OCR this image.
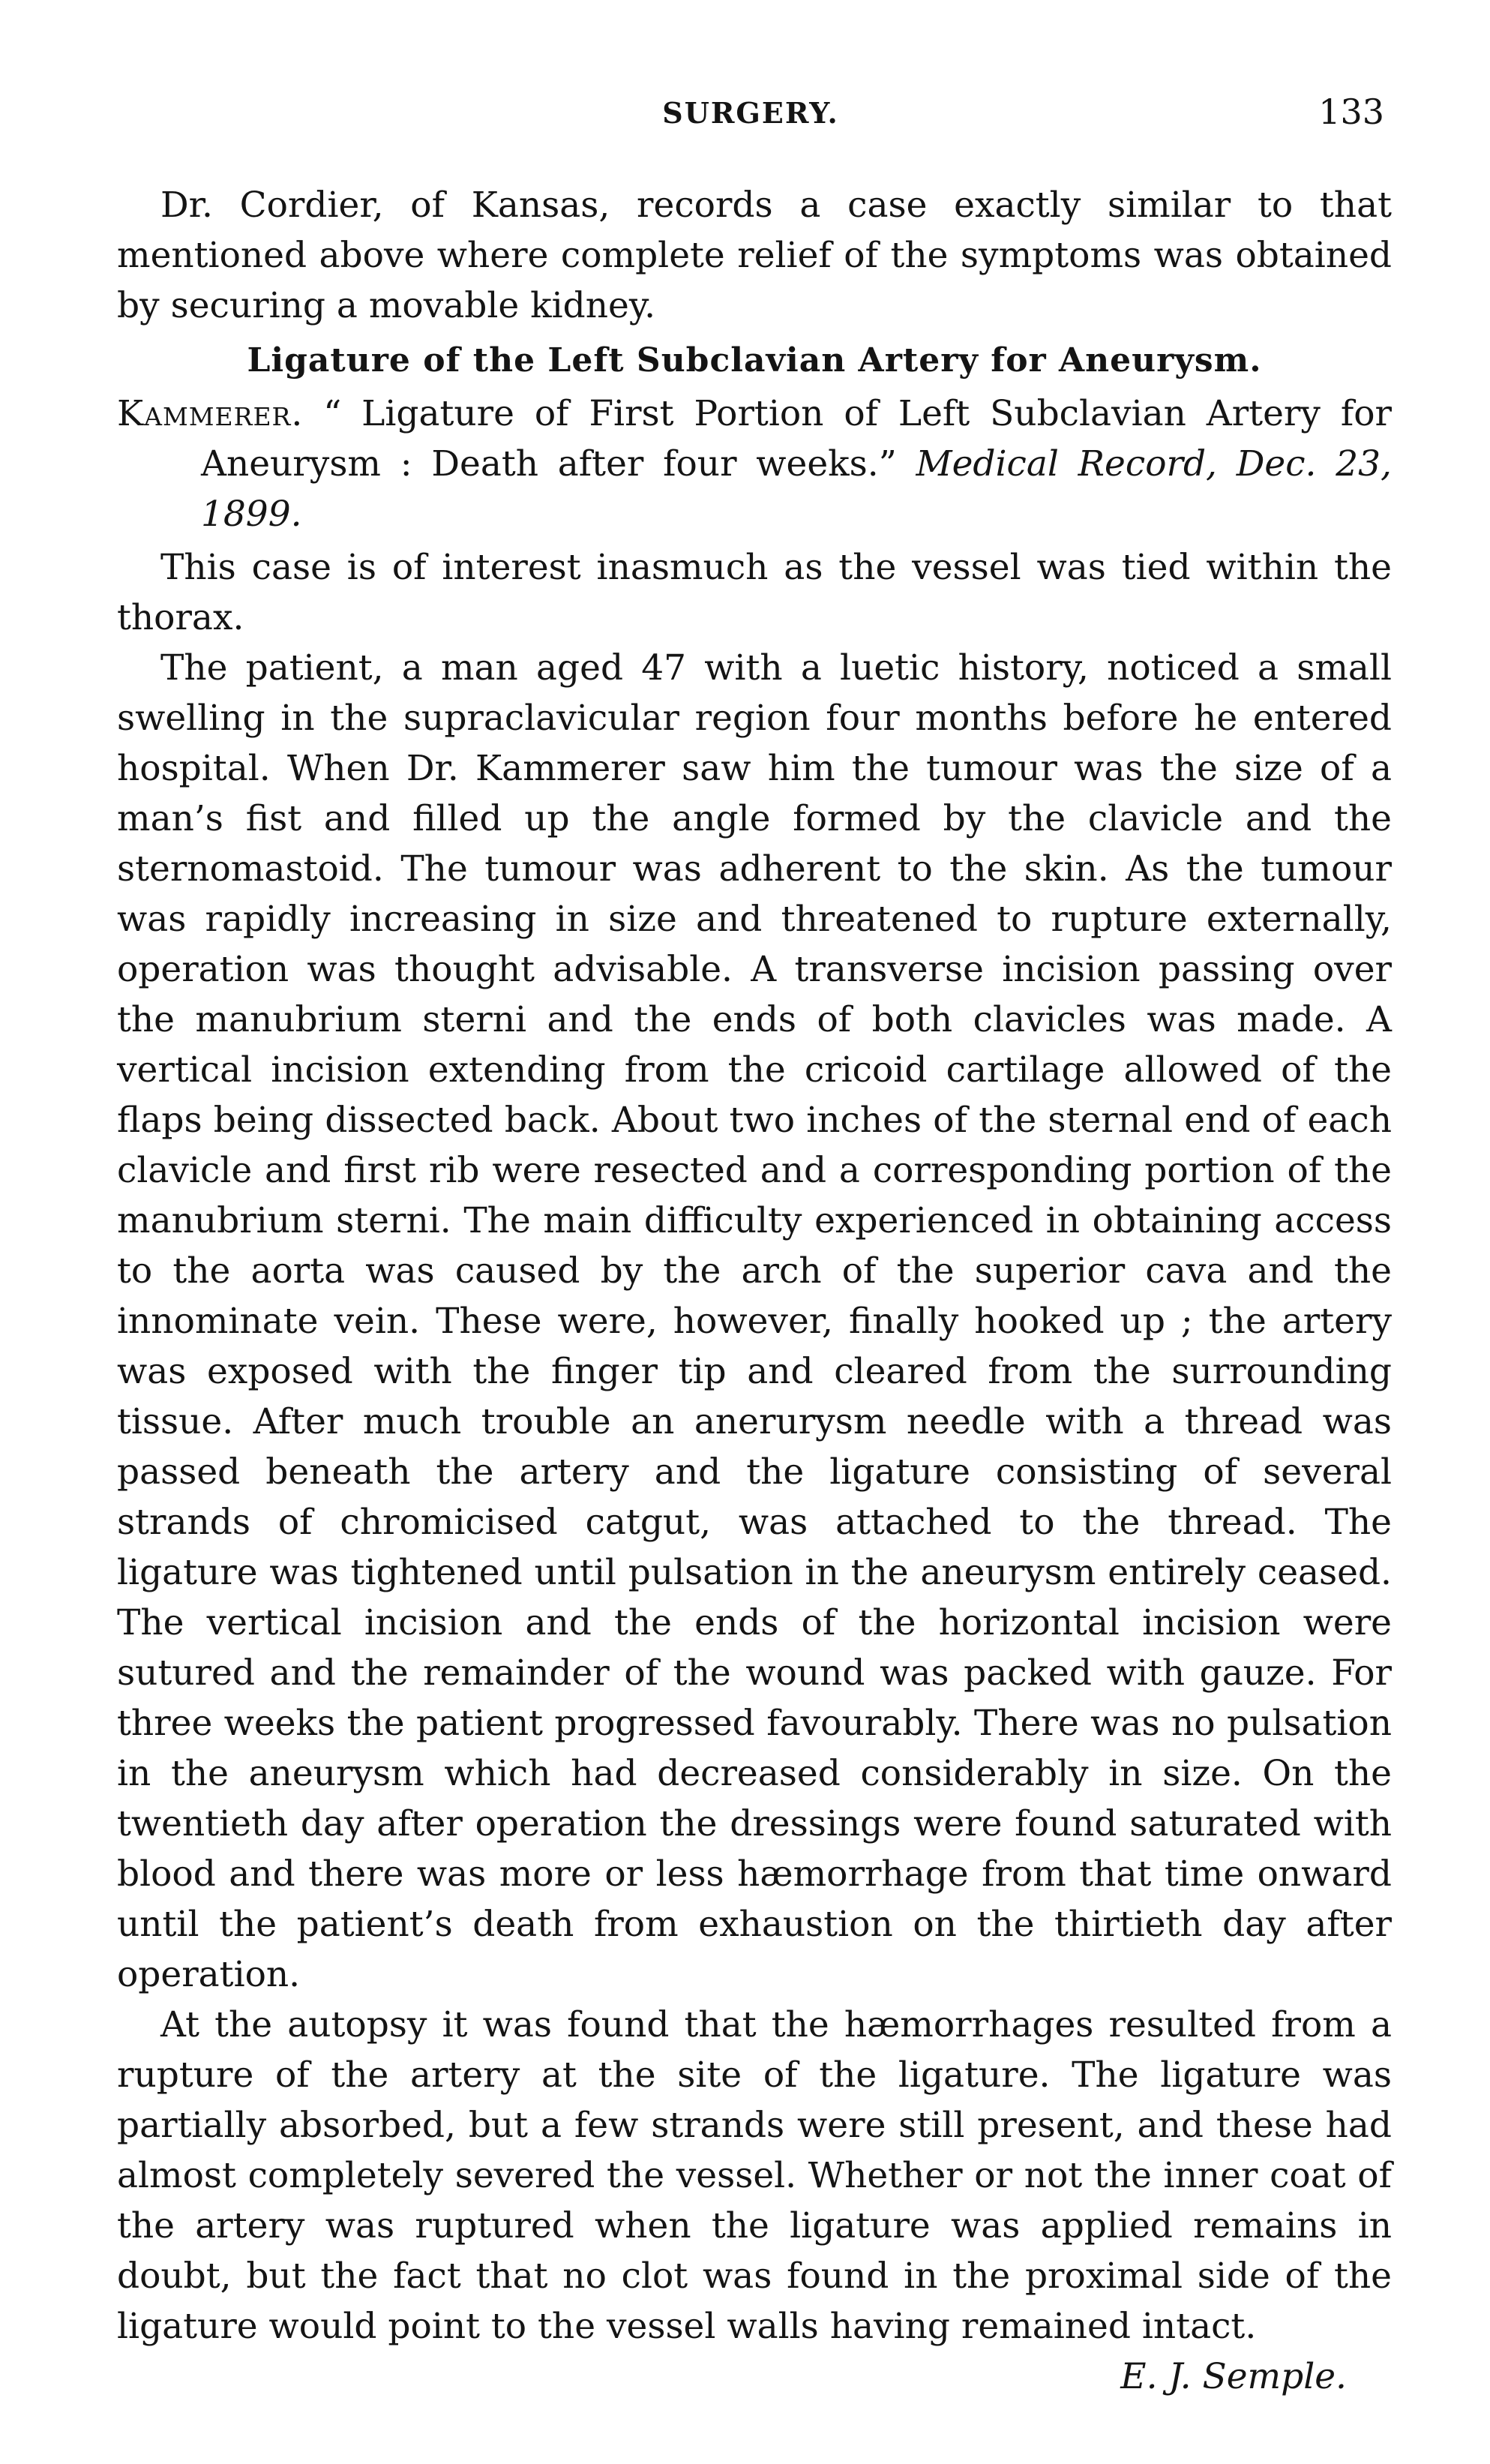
SURGERY.	133

Dr. Cordier, of Kansas, records a case exactly similar to that mentioned above where complete relief of the symptoms was obtained by securing a movable kidney.

Ligature of the Left Subclavian Artery for Aneurysm.

Kammerer. “ Ligature of First Portion of Left Subclavian Artery for Aneurysm : Death after four weeks.” Medical Record, Dec. 23, 1899.

This case is of interest inasmuch as the vessel was tied within the thorax.

The patient, a man aged 47 with a luetic history, noticed a small swelling in the supraclavicular region four months before he entered hospital. When Dr. Kammerer saw him the tumour was the size of a man’s fist and filled up the angle formed by the clavicle and the sternomastoid. The tumour was adherent to the skin. As the tumour was rapidly increasing in size and threatened to rupture externally, operation was thought advisable. A transverse incision passing over the manubrium sterni and the ends of both clavicles was made. A vertical incision extending from the cricoid cartilage allowed of the flaps being dissected back. About two inches of the sternal end of each clavicle and first rib were resected and a corresponding portion of the manubrium sterni. The main difficulty experienced in obtaining access to the aorta was caused by the arch of the superior cava and the innominate vein. These were, however, finally hooked up ; the artery was exposed with the finger tip and cleared from the surrounding tissue. After much trouble an anerurysm needle with a thread was passed beneath the artery and the ligature consisting of several strands of chromicised catgut, was attached to the thread. The ligature was tightened until pulsation in the aneurysm entirely ceased. The vertical incision and the ends of the horizontal incision were sutured and the remainder of the wound was packed with gauze. For three weeks the patient progressed favourably. There was no pulsation in the aneurysm which had decreased considerably in size. On the twentieth day after operation the dressings were found saturated with blood and there was more or less hæmorrhage from that time onward until the patient’s death from exhaustion on the thirtieth day after operation.

At the autopsy it was found that the hæmorrhages resulted from a rupture of the artery at the site of the ligature. The ligature was partially absorbed, but a few strands were still present, and these had almost completely severed the vessel. Whether or not the inner coat of the artery was ruptured when the ligature was applied remains in doubt, but the fact that no clot was found in the proximal side of the ligature would point to the vessel walls having remained intact.

E. J. Semple.
